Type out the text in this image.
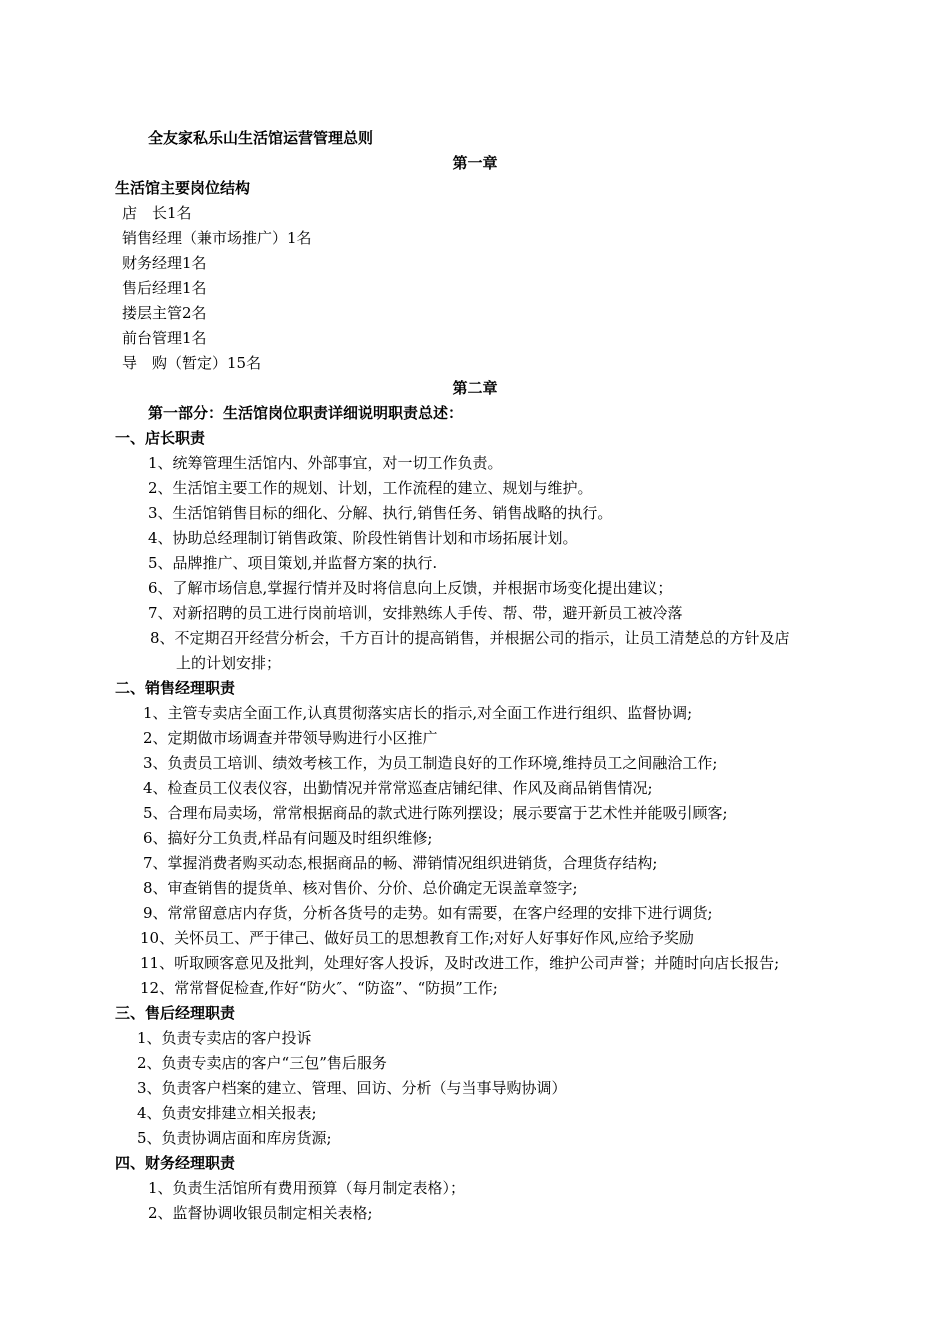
全友家私乐山生活馆运营管理总则
第一章
生活馆主要岗位结构
店　长1名
销售经理（兼市场推广）1名
财务经理1名
售后经理1名
搂层主管2名
前台管理1名
导　购（暂定）15名
第二章
第一部分：生活馆岗位职责详细说明职责总述：
一、店长职责
1、统筹管理生活馆内、外部事宜，对一切工作负责。
2、生活馆主要工作的规划、计划，工作流程的建立、规划与维护。
3、生活馆销售目标的细化、分解、执行,销售任务、销售战略的执行。
4、协助总经理制订销售政策、阶段性销售计划和市场拓展计划。
5、品牌推广、项目策划,并监督方案的执行.
6、了解市场信息,掌握行情并及时将信息向上反馈，并根据市场变化提出建议；
7、对新招聘的员工进行岗前培训，安排熟练人手传、帮、带，避开新员工被冷落
8、不定期召开经营分析会，千方百计的提高销售，并根据公司的指示，让员工清楚总的方针及店
上的计划安排；
二、销售经理职责
1、主管专卖店全面工作,认真贯彻落实店长的指示,对全面工作进行组织、监督协调;
2、定期做市场调查并带领导购进行小区推广
3、负责员工培训、绩效考核工作，为员工制造良好的工作环境,维持员工之间融洽工作;
4、检查员工仪表仪容，出勤情况并常常巡查店铺纪律、作风及商品销售情况;
5、合理布局卖场，常常根据商品的款式进行陈列摆设；展示要富于艺术性并能吸引顾客;
6、搞好分工负责,样品有问题及时组织维修;
7、掌握消费者购买动态,根据商品的畅、滞销情况组织进销货，合理货存结构;
8、审查销售的提货单、核对售价、分价、总价确定无误盖章签字;
9、常常留意店内存货，分析各货号的走势。如有需要，在客户经理的安排下进行调货;
10、关怀员工、严于律己、做好员工的思想教育工作;对好人好事好作风,应给予奖励
11、听取顾客意见及批判，处理好客人投诉，及时改进工作，维护公司声誉；并随时向店长报告;
12、常常督促检查,作好“防火″、“防盗”、“防损”工作;
三、售后经理职责
1、负责专卖店的客户投诉
2、负责专卖店的客户“三包”售后服务
3、负责客户档案的建立、管理、回访、分析（与当事导购协调）
4、负责安排建立相关报表;
5、负责协调店面和库房货源;
四、财务经理职责
1、负责生活馆所有费用预算（每月制定表格）；
2、监督协调收银员制定相关表格;
